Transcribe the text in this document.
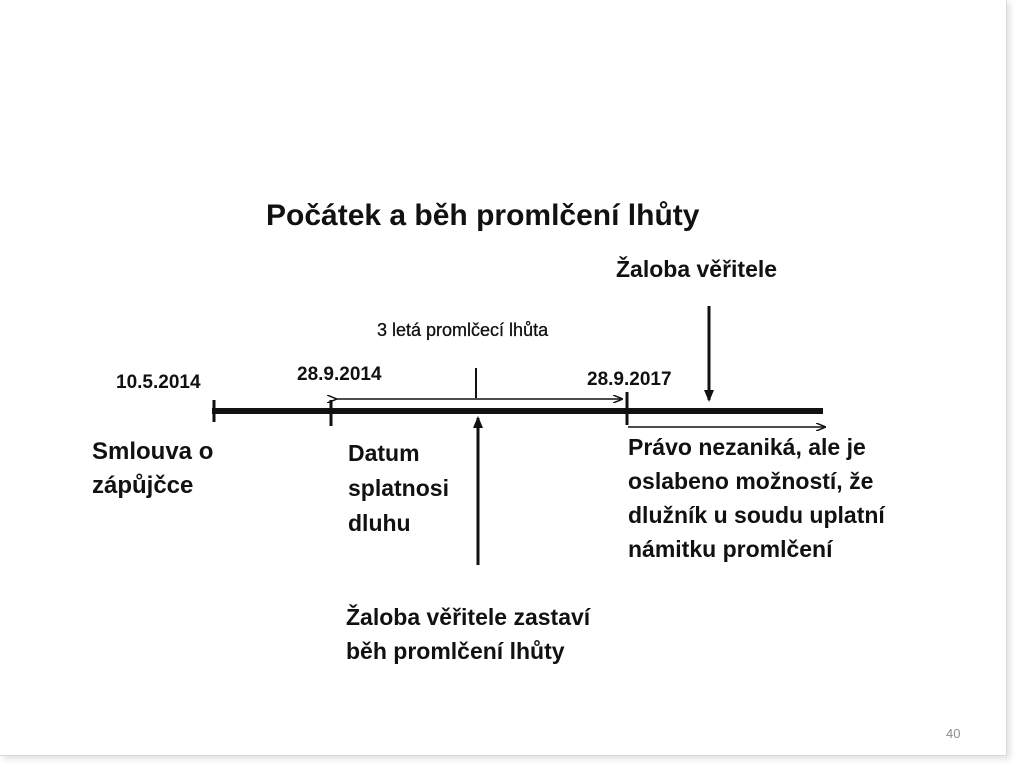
Počátek a běh promlčení lhůty
Žaloba věřitele
3 letá promlčecí lhůta
10.5.2014	28.9.2014	28.9.2017
Smlouva o
zápůjčce
Datum
splatnosi
dluhu
Právo nezaniká, ale je
oslabeno možností, že
dlužník u soudu uplatní
námitku promlčení
Žaloba věřitele zastaví
běh promlčení lhůty
40
